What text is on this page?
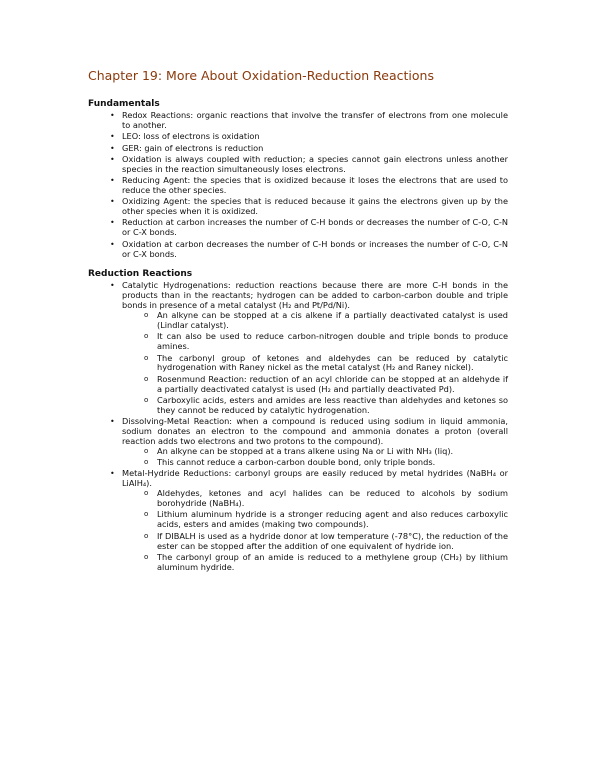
Chapter 19: More About Oxidation-Reduction Reactions
Fundamentals
• Redox Reactions: organic reactions that involve the transfer of electrons from one molecule to another.
• LEO: loss of electrons is oxidation
• GER: gain of electrons is reduction
• Oxidation is always coupled with reduction; a species cannot gain electrons unless another species in the reaction simultaneously loses electrons.
• Reducing Agent: the species that is oxidized because it loses the electrons that are used to reduce the other species.
• Oxidizing Agent: the species that is reduced because it gains the electrons given up by the other species when it is oxidized.
• Reduction at carbon increases the number of C-H bonds or decreases the number of C-O, C-N or C-X bonds.
• Oxidation at carbon decreases the number of C-H bonds or increases the number of C-O, C-N or C-X bonds.
Reduction Reactions
• Catalytic Hydrogenations: reduction reactions because there are more C-H bonds in the products than in the reactants; hydrogen can be added to carbon-carbon double and triple bonds in presence of a metal catalyst (H₂ and Pt/Pd/Ni).
o An alkyne can be stopped at a cis alkene if a partially deactivated catalyst is used (Lindlar catalyst).
o It can also be used to reduce carbon-nitrogen double and triple bonds to produce amines.
o The carbonyl group of ketones and aldehydes can be reduced by catalytic hydrogenation with Raney nickel as the metal catalyst (H₂ and Raney nickel).
o Rosenmund Reaction: reduction of an acyl chloride can be stopped at an aldehyde if a partially deactivated catalyst is used (H₂ and partially deactivated Pd).
o Carboxylic acids, esters and amides are less reactive than aldehydes and ketones so they cannot be reduced by catalytic hydrogenation.
• Dissolving-Metal Reaction: when a compound is reduced using sodium in liquid ammonia, sodium donates an electron to the compound and ammonia donates a proton (overall reaction adds two electrons and two protons to the compound).
o An alkyne can be stopped at a trans alkene using Na or Li with NH₃ (liq).
o This cannot reduce a carbon-carbon double bond, only triple bonds.
• Metal-Hydride Reductions: carbonyl groups are easily reduced by metal hydrides (NaBH₄ or LiAlH₄).
o Aldehydes, ketones and acyl halides can be reduced to alcohols by sodium borohydride (NaBH₄).
o Lithium aluminum hydride is a stronger reducing agent and also reduces carboxylic acids, esters and amides (making two compounds).
o If DIBALH is used as a hydride donor at low temperature (-78°C), the reduction of the ester can be stopped after the addition of one equivalent of hydride ion.
o The carbonyl group of an amide is reduced to a methylene group (CH₂) by lithium aluminum hydride.
